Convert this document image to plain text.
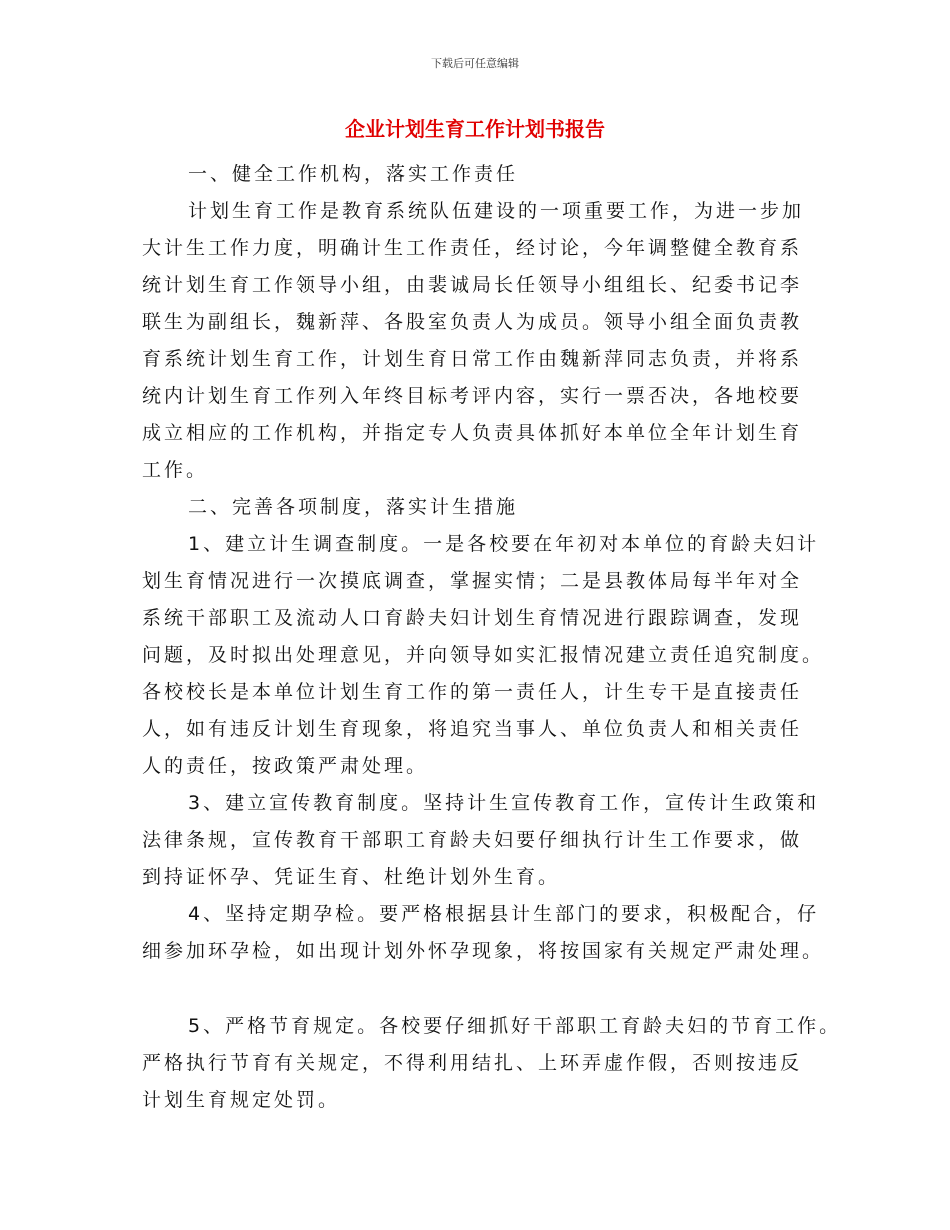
下载后可任意编辑
企业计划生育工作计划书报告
一、健全工作机构，落实工作责任
计划生育工作是教育系统队伍建设的一项重要工作，为进一步加
大计生工作力度，明确计生工作责任，经讨论，今年调整健全教育系
统计划生育工作领导小组，由裴诚局长任领导小组组长、纪委书记李
联生为副组长，魏新萍、各股室负责人为成员。领导小组全面负责教
育系统计划生育工作，计划生育日常工作由魏新萍同志负责，并将系
统内计划生育工作列入年终目标考评内容，实行一票否决，各地校要
成立相应的工作机构，并指定专人负责具体抓好本单位全年计划生育
工作。
二、完善各项制度，落实计生措施
1、建立计生调查制度。一是各校要在年初对本单位的育龄夫妇计
划生育情况进行一次摸底调查，掌握实情；二是县教体局每半年对全
系统干部职工及流动人口育龄夫妇计划生育情况进行跟踪调查，发现
问题，及时拟出处理意见，并向领导如实汇报情况建立责任追究制度。
各校校长是本单位计划生育工作的第一责任人，计生专干是直接责任
人，如有违反计划生育现象，将追究当事人、单位负责人和相关责任
人的责任，按政策严肃处理。
3、建立宣传教育制度。坚持计生宣传教育工作，宣传计生政策和
法律条规，宣传教育干部职工育龄夫妇要仔细执行计生工作要求，做
到持证怀孕、凭证生育、杜绝计划外生育。
4、坚持定期孕检。要严格根据县计生部门的要求，积极配合，仔
细参加环孕检，如出现计划外怀孕现象，将按国家有关规定严肃处理。
5、严格节育规定。各校要仔细抓好干部职工育龄夫妇的节育工作。
严格执行节育有关规定，不得利用结扎、上环弄虚作假，否则按违反
计划生育规定处罚。
